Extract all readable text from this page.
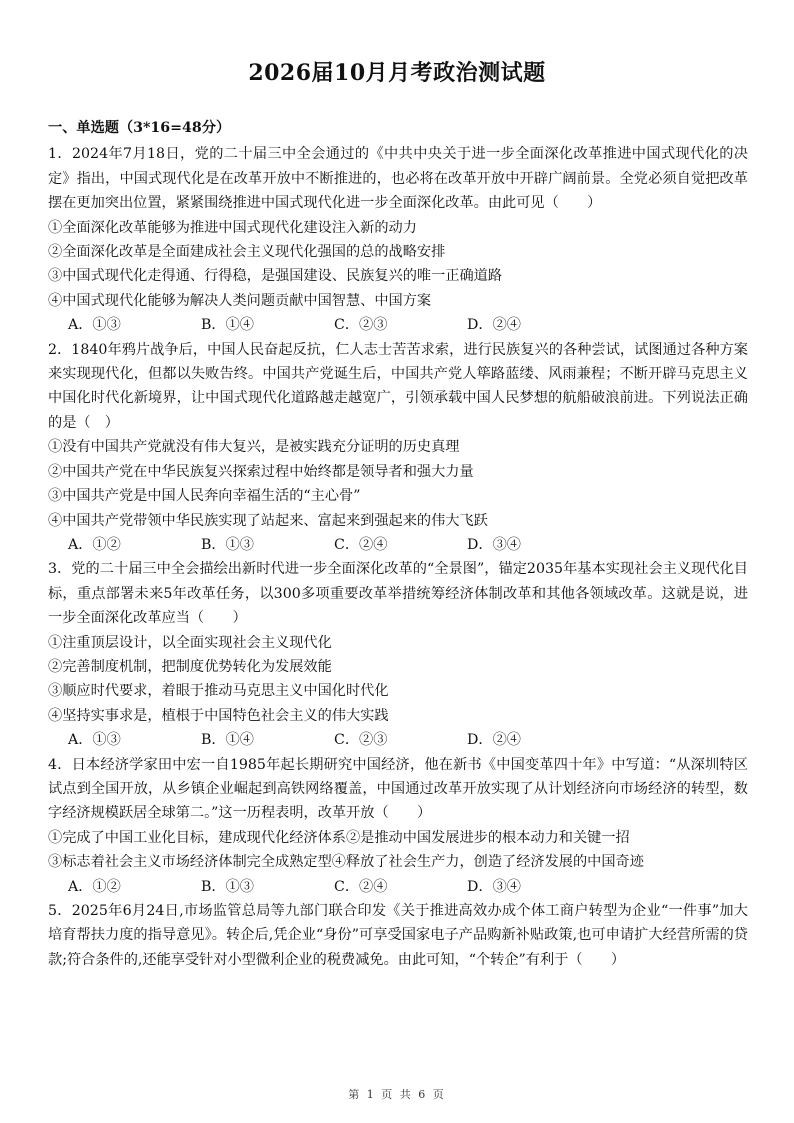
2026届10月月考政治测试题
一、单选题（3*16=48分）
1．2024年7月18日，党的二十届三中全会通过的《中共中央关于进一步全面深化改革推进中国式现代化的决定》指出，中国式现代化是在改革开放中不断推进的，也必将在改革开放中开辟广阔前景。全党必须自觉把改革摆在更加突出位置，紧紧围绕推进中国式现代化进一步全面深化改革。由此可见（　　）
①全面深化改革能够为推进中国式现代化建设注入新的动力
②全面深化改革是全面建成社会主义现代化强国的总的战略安排
③中国式现代化走得通、行得稳，是强国建设、民族复兴的唯一正确道路
④中国式现代化能够为解决人类问题贡献中国智慧、中国方案
A．①③	B．①④	C．②③	D．②④
2．1840年鸦片战争后，中国人民奋起反抗，仁人志士苦苦求索，进行民族复兴的各种尝试，试图通过各种方案来实现现代化，但都以失败告终。中国共产党诞生后，中国共产党人筚路蓝缕、风雨兼程；不断开辟马克思主义中国化时代化新境界，让中国式现代化道路越走越宽广，引领承载中国人民梦想的航船破浪前进。下列说法正确的是（　）
①没有中国共产党就没有伟大复兴，是被实践充分证明的历史真理
②中国共产党在中华民族复兴探索过程中始终都是领导者和强大力量
③中国共产党是中国人民奔向幸福生活的“主心骨”
④中国共产党带领中华民族实现了站起来、富起来到强起来的伟大飞跃
A．①②	B．①③	C．②④	D．③④
3．党的二十届三中全会描绘出新时代进一步全面深化改革的“全景图”，锚定2035年基本实现社会主义现代化目标，重点部署未来5年改革任务，以300多项重要改革举措统筹经济体制改革和其他各领域改革。这就是说，进一步全面深化改革应当（　　）
①注重顶层设计，以全面实现社会主义现代化
②完善制度机制，把制度优势转化为发展效能
③顺应时代要求，着眼于推动马克思主义中国化时代化
④坚持实事求是，植根于中国特色社会主义的伟大实践
A．①③	B．①④	C．②③	D．②④
4．日本经济学家田中宏一自1985年起长期研究中国经济，他在新书《中国变革四十年》中写道：“从深圳特区试点到全国开放，从乡镇企业崛起到高铁网络覆盖，中国通过改革开放实现了从计划经济向市场经济的转型，数字经济规模跃居全球第二。”这一历程表明，改革开放（　　）
①完成了中国工业化目标，建成现代化经济体系②是推动中国发展进步的根本动力和关键一招
③标志着社会主义市场经济体制完全成熟定型④释放了社会生产力，创造了经济发展的中国奇迹
A．①②	B．①③	C．②④	D．③④
5．2025年6月24日,市场监管总局等九部门联合印发《关于推进高效办成个体工商户转型为企业“一件事”加大培育帮扶力度的指导意见》。转企后,凭企业“身份”可享受国家电子产品购新补贴政策,也可申请扩大经营所需的贷款;符合条件的,还能享受针对小型微利企业的税费减免。由此可知，“个转企”有利于（　　）
第 1 页 共 6 页
